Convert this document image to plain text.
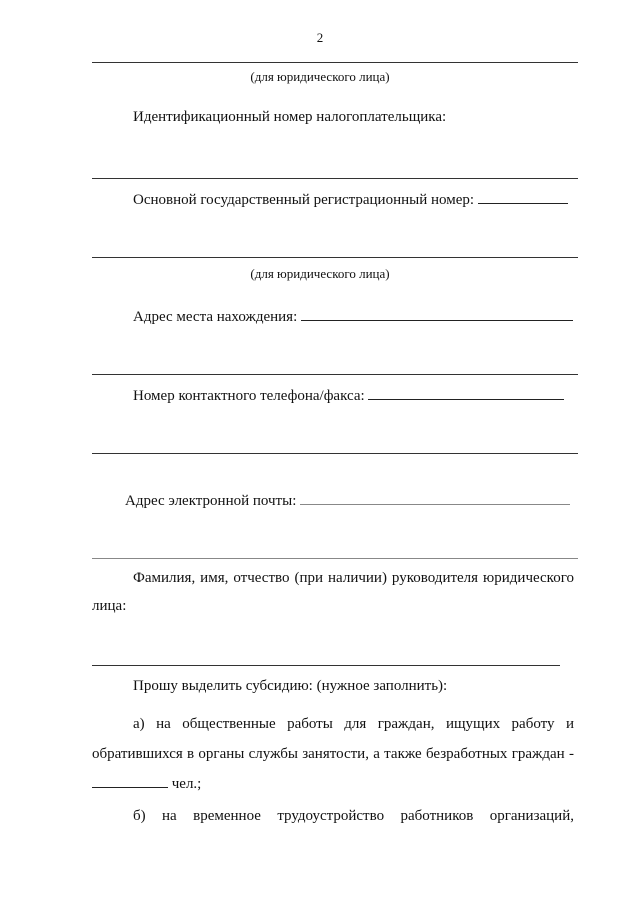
2
(для юридического лица)
Идентификационный номер налогоплательщика:
Основной государственный регистрационный номер:
(для юридического лица)
Адрес места нахождения:
Номер контактного телефона/факса:
Адрес электронной почты:
Фамилия, имя, отчество (при наличии) руководителя юридического
лица:
Прошу выделить субсидию: (нужное заполнить):
а) на общественные работы для граждан, ищущих работу и
обратившихся в органы службы занятости, а также безработных граждан -
чел.;
б) на временное трудоустройство работников организаций,
